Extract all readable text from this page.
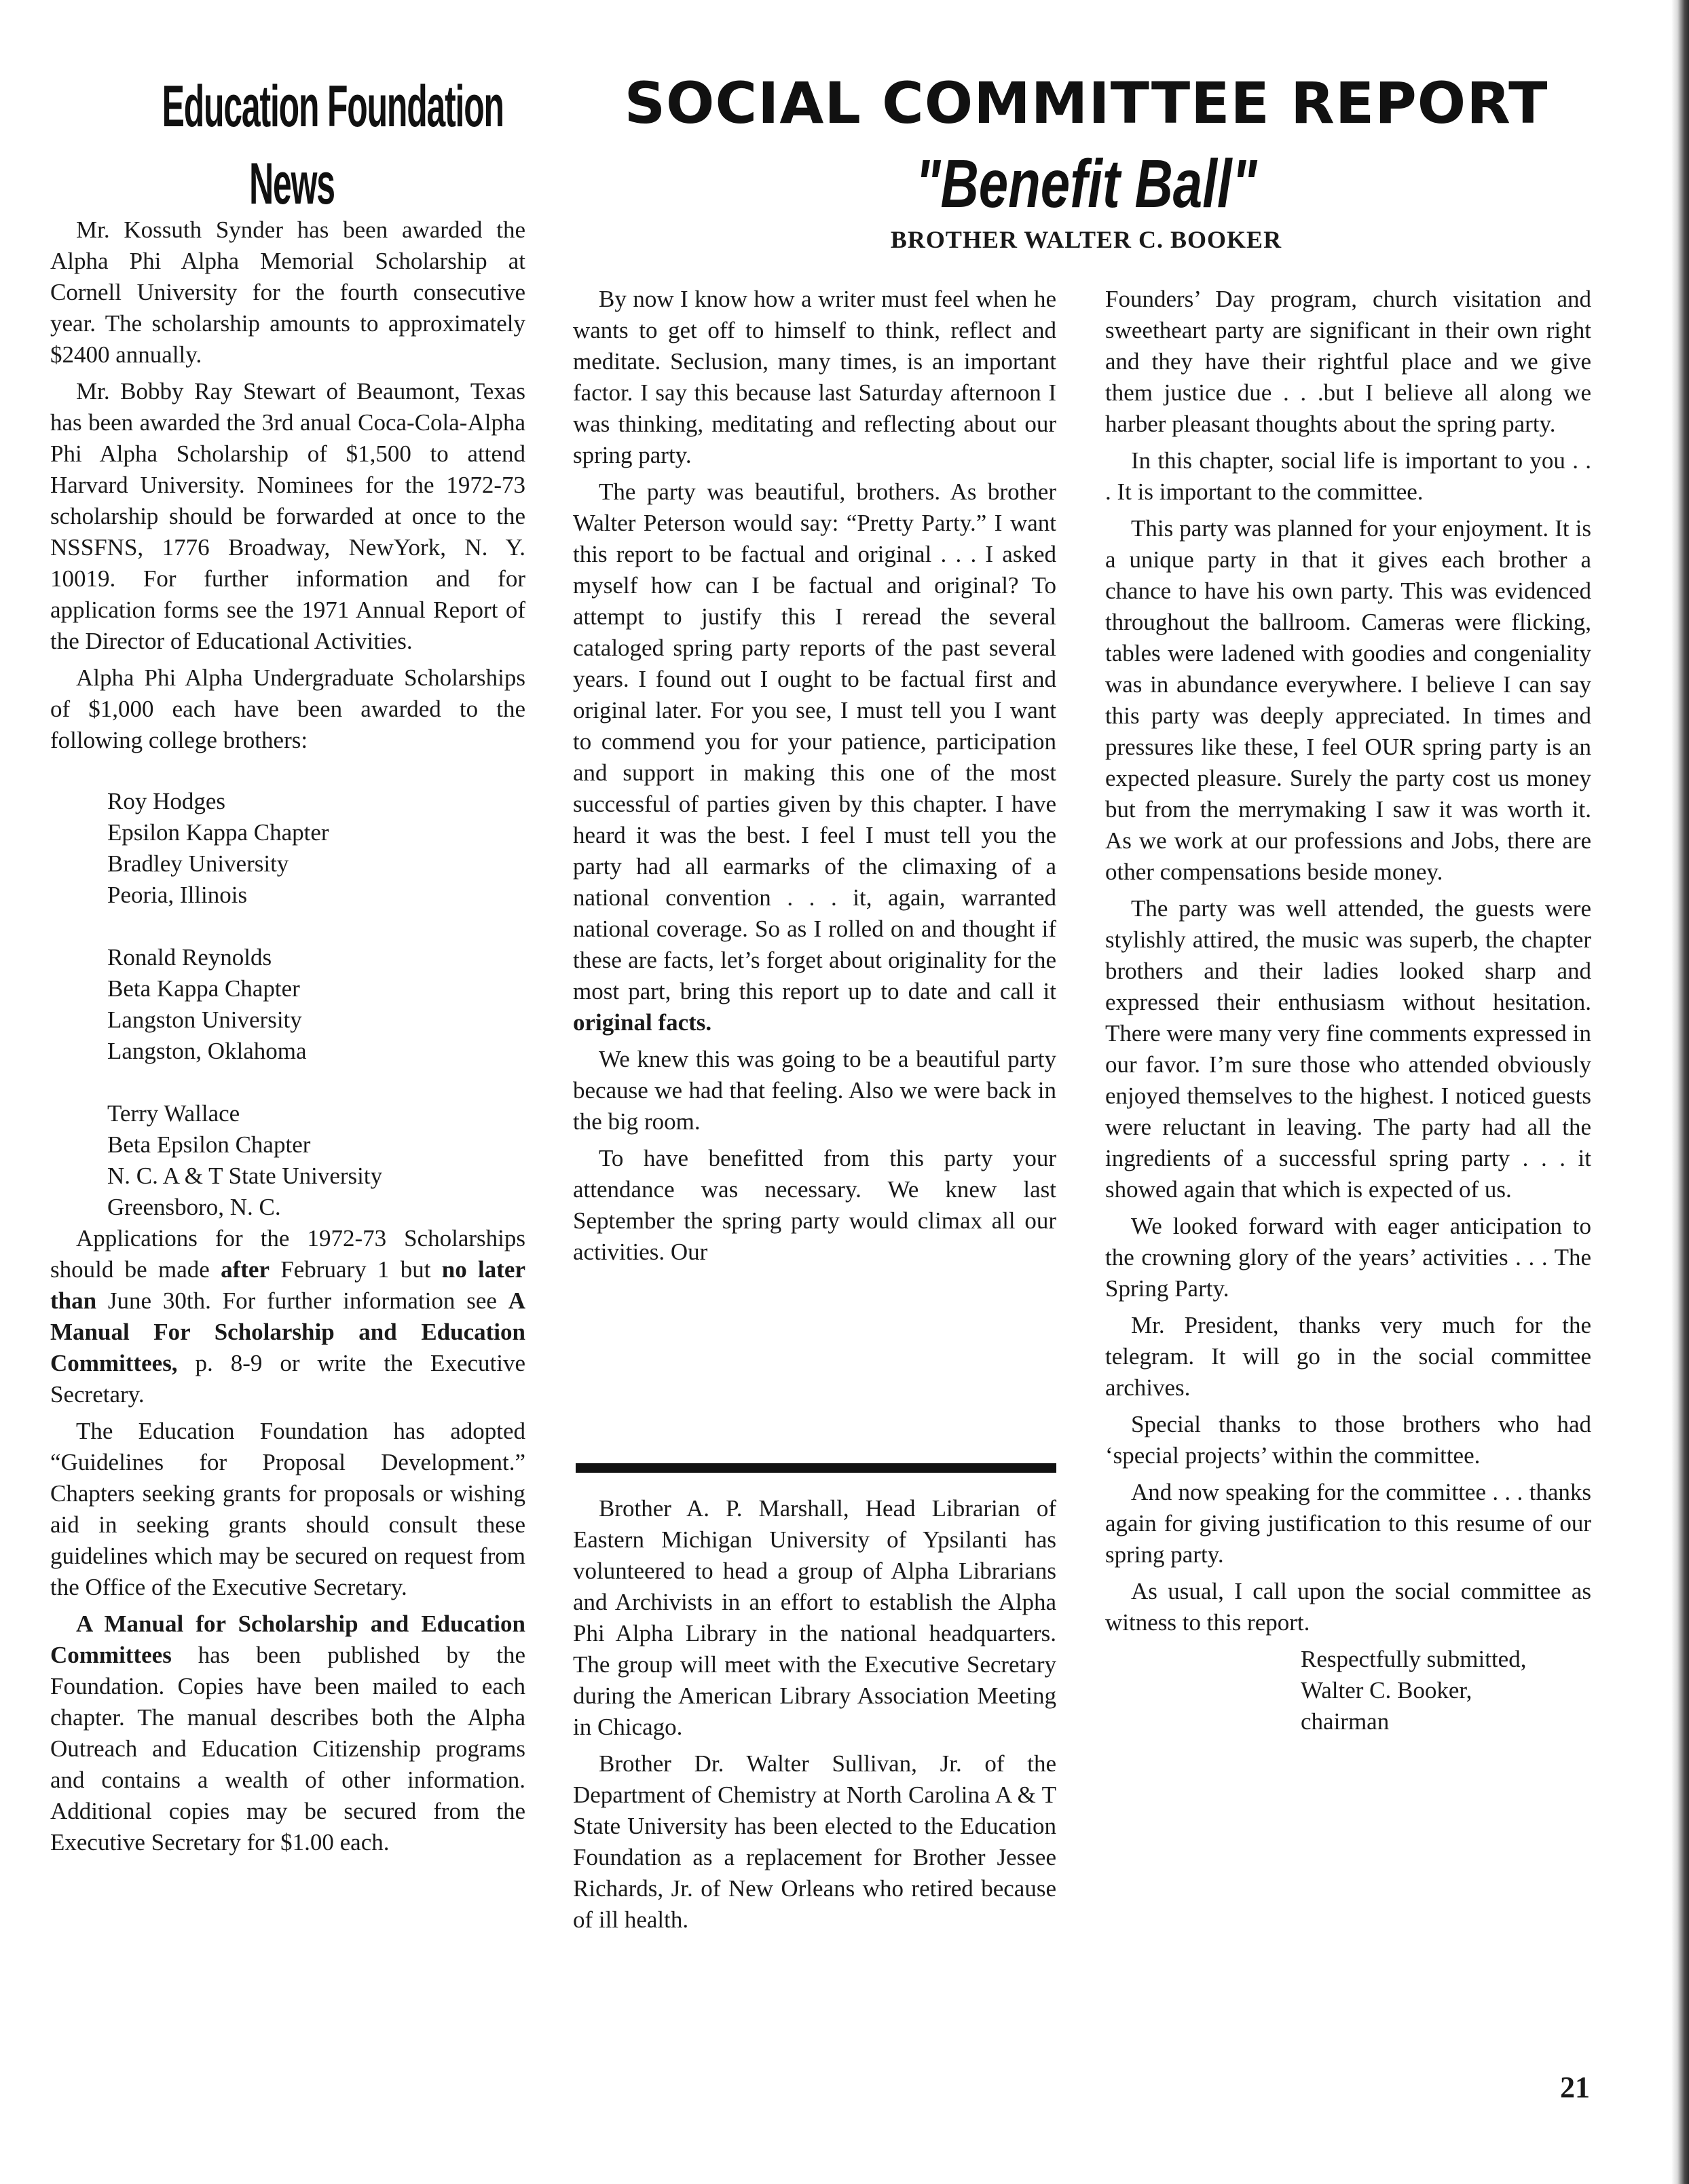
Education Foundation
News

Mr. Kossuth Synder has been awarded the Alpha Phi Alpha Memorial Scholarship at Cornell University for the fourth consecutive year. The scholarship amounts to approximately $2400 annually.

Mr. Bobby Ray Stewart of Beaumont, Texas has been awarded the 3rd anual Coca-Cola-Alpha Phi Alpha Scholarship of $1,500 to attend Harvard University. Nominees for the 1972-73 scholarship should be forwarded at once to the NSSFNS, 1776 Broadway, NewYork, N. Y. 10019. For further information and for application forms see the 1971 Annual Report of the Director of Educational Activities.

Alpha Phi Alpha Undergraduate Scholarships of $1,000 each have been awarded to the following college brothers:

Roy Hodges
Epsilon Kappa Chapter
Bradley University
Peoria, Illinois
Ronald Reynolds
Beta Kappa Chapter
Langston University
Langston, Oklahoma
Terry Wallace
Beta Epsilon Chapter
N. C. A & T State University
Greensboro, N. C.

Applications for the 1972-73 Scholarships should be made after February 1 but no later than June 30th. For further information see A Manual For Scholarship and Education Committees, p. 8-9 or write the Executive Secretary.

The Education Foundation has adopted “Guidelines for Proposal Development.” Chapters seeking grants for proposals or wishing aid in seeking grants should consult these guidelines which may be secured on request from the Office of the Executive Secretary.

A Manual for Scholarship and Education Committees has been published by the Foundation. Copies have been mailed to each chapter. The manual describes both the Alpha Outreach and Education Citizenship programs and contains a wealth of other information. Additional copies may be secured from the Executive Secretary for $1.00 each.

SOCIAL COMMITTEE REPORT
"Benefit Ball"
BROTHER WALTER C. BOOKER

By now I know how a writer must feel when he wants to get off to himself to think, reflect and meditate. Seclusion, many times, is an important factor. I say this because last Saturday afternoon I was thinking, meditating and reflecting about our spring party.

The party was beautiful, brothers. As brother Walter Peterson would say: “Pretty Party.” I want this report to be factual and original . . . I asked myself how can I be factual and original? To attempt to justify this I reread the several cataloged spring party reports of the past several years. I found out I ought to be factual first and original later. For you see, I must tell you I want to commend you for your patience, participation and support in making this one of the most successful of parties given by this chapter. I have heard it was the best. I feel I must tell you the party had all earmarks of the climaxing of a national convention . . . it, again, warranted national coverage. So as I rolled on and thought if these are facts, let’s forget about originality for the most part, bring this report up to date and call it original facts.

We knew this was going to be a beautiful party because we had that feeling. Also we were back in the big room.

To have benefitted from this party your attendance was necessary. We knew last September the spring party would climax all our activities. Our

Brother A. P. Marshall, Head Librarian of Eastern Michigan University of Ypsilanti has volunteered to head a group of Alpha Librarians and Archivists in an effort to establish the Alpha Phi Alpha Library in the national headquarters. The group will meet with the Executive Secretary during the American Library Association Meeting in Chicago.

Brother Dr. Walter Sullivan, Jr. of the Department of Chemistry at North Carolina A & T State University has been elected to the Education Foundation as a replacement for Brother Jessee Richards, Jr. of New Orleans who retired because of ill health.

Founders’ Day program, church visitation and sweetheart party are significant in their own right and they have their rightful place and we give them justice due . . .but I believe all along we harber pleasant thoughts about the spring party.

In this chapter, social life is important to you . . . It is important to the committee.

This party was planned for your enjoyment. It is a unique party in that it gives each brother a chance to have his own party. This was evidenced throughout the ballroom. Cameras were flicking, tables were ladened with goodies and congeniality was in abundance everywhere. I believe I can say this party was deeply appreciated. In times and pressures like these, I feel OUR spring party is an expected pleasure. Surely the party cost us money but from the merrymaking I saw it was worth it. As we work at our professions and Jobs, there are other compensations beside money.

The party was well attended, the guests were stylishly attired, the music was superb, the chapter brothers and their ladies looked sharp and expressed their enthusiasm without hesitation. There were many very fine comments expressed in our favor. I’m sure those who attended obviously enjoyed themselves to the highest. I noticed guests were reluctant in leaving. The party had all the ingredients of a successful spring party . . . it showed again that which is expected of us.

We looked forward with eager anticipation to the crowning glory of the years’ activities . . . The Spring Party.

Mr. President, thanks very much for the telegram. It will go in the social committee archives.

Special thanks to those brothers who had ‘special projects’ within the committee.

And now speaking for the committee . . . thanks again for giving justification to this resume of our spring party.

As usual, I call upon the social committee as witness to this report.

Respectfully submitted,
Walter C. Booker,
chairman
21
